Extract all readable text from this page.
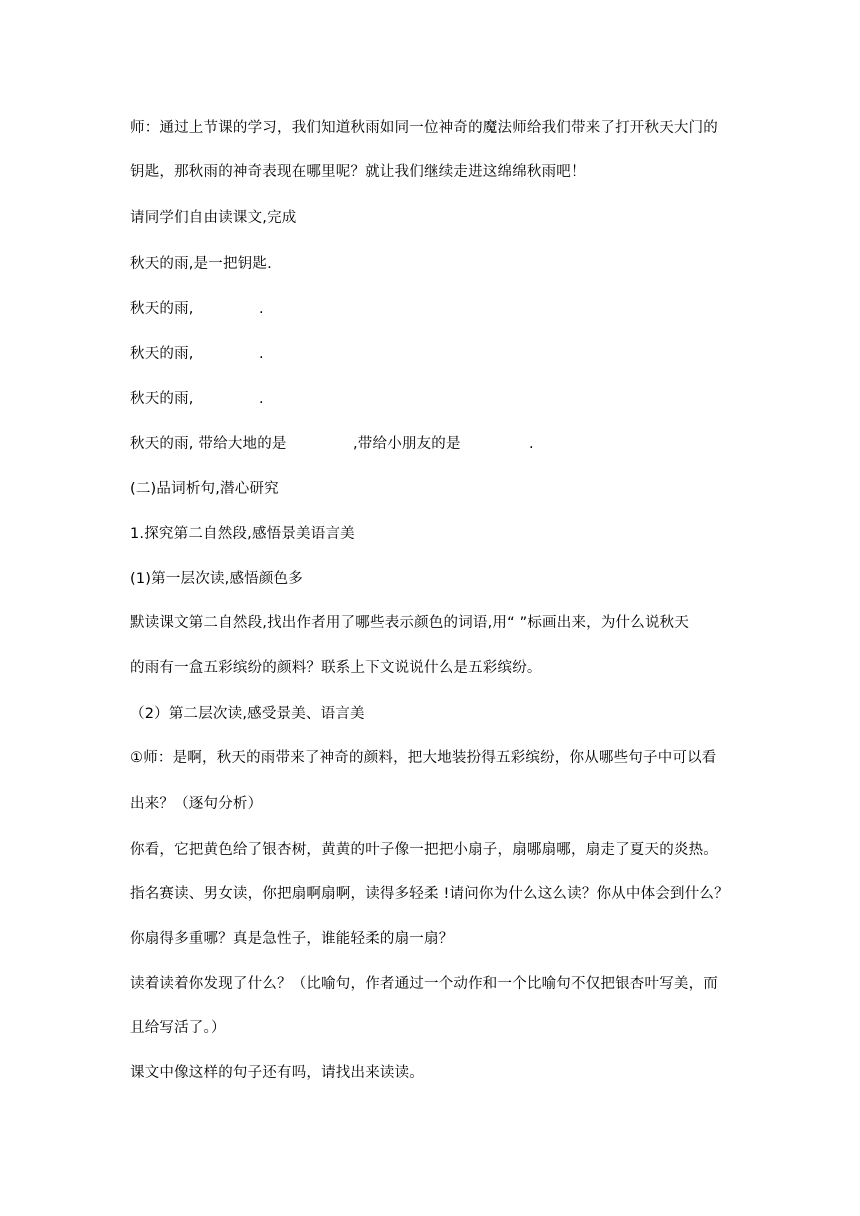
师：通过上节课的学习，我们知道秋雨如同一位神奇的魔法师给我们带来了打开秋天大门的
钥匙，那秋雨的神奇表现在哪里呢？就让我们继续走进这绵绵秋雨吧！
请同学们自由读课文,完成
秋天的雨,是一把钥匙.
秋天的雨,	.
秋天的雨,	.
秋天的雨,	.
秋天的雨, 带给大地的是	,带给小朋友的是	.
(二)品词析句,潜心研究
1.探究第二自然段,感悟景美语言美
(1)第一层次读,感悟颜色多
默读课文第二自然段,找出作者用了哪些表示颜色的词语,用“ ”标画出来，为什么说秋天
的雨有一盒五彩缤纷的颜料？联系上下文说说什么是五彩缤纷。
（2）第二层次读,感受景美、语言美
①师：是啊，秋天的雨带来了神奇的颜料，把大地装扮得五彩缤纷，你从哪些句子中可以看
出来？（逐句分析）
你看，它把黄色给了银杏树，黄黄的叶子像一把把小扇子，扇哪扇哪，扇走了夏天的炎热。
指名赛读、男女读，你把扇啊扇啊，读得多轻柔 !请问你为什么这么读？你从中体会到什么？
你扇得多重哪？真是急性子，谁能轻柔的扇一扇？
读着读着你发现了什么？（比喻句，作者通过一个动作和一个比喻句不仅把银杏叶写美，而
且给写活了。）
课文中像这样的句子还有吗，请找出来读读。
